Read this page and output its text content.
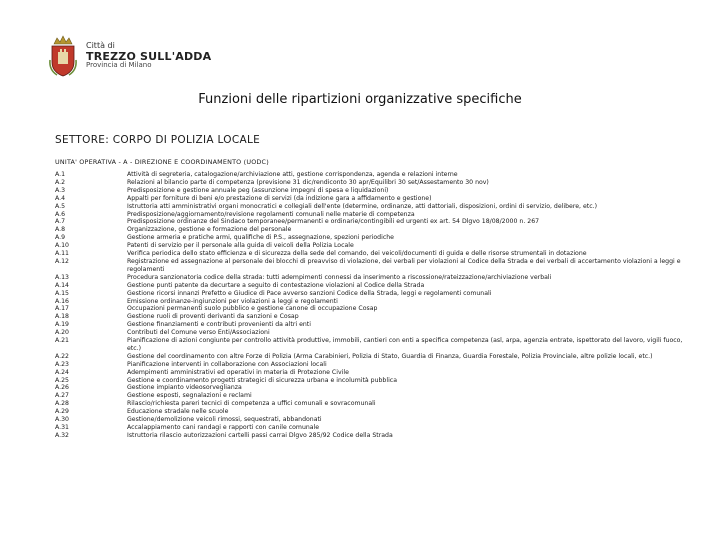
Città di
TREZZO SULL'ADDA
Provincia di Milano
Funzioni delle ripartizioni organizzative specifiche
SETTORE: CORPO DI POLIZIA LOCALE
UNITA' OPERATIVA - A - DIREZIONE E COORDINAMENTO (UODC)
A.1	Attività di segreteria, catalogazione/archiviazione atti, gestione corrispondenza, agenda e relazioni interne
A.2	Relazioni al bilancio parte di competenza (previsione 31 dic/rendiconto 30 apr/Equilibri 30 set/Assestamento 30 nov)
A.3	Predisposizione e gestione annuale peg (assunzione impegni di spesa e liquidazioni)
A.4	Appalti per forniture di beni e/o prestazione di servizi (da indizione gara a affidamento e gestione)
A.5	Istruttoria atti amministrativi organi monocratici e collegiali dell'ente (determine, ordinanze, atti dattoriali, disposizioni, ordini di servizio, delibere, etc.)
A.6	Predisposizione/aggiornamento/revisione regolamenti comunali nelle materie di competenza
A.7	Predisposizione ordinanze del Sindaco temporanee/permanenti e ordinarie/contingibili ed urgenti ex art. 54 Dlgvo 18/08/2000 n. 267
A.8	Organizzazione, gestione e formazione del personale
A.9	Gestione armeria e pratiche armi, qualifiche di P.S., assegnazione, spezioni periodiche
A.10	Patenti di servizio per il personale alla guida di veicoli della Polizia Locale
A.11	Verifica periodica dello stato efficienza e di sicurezza della sede del comando, dei veicoli/documenti di guida e delle risorse strumentali in dotazione
A.12	Registrazione ed assegnazione al personale dei blocchi di preavviso di violazione, dei verbali per violazioni al Codice della Strada e dei verbali di accertamento violazioni a leggi e regolamenti
A.13	Procedura sanzionatoria codice della strada: tutti adempimenti connessi da inserimento a riscossione/rateizzazione/archiviazione verbali
A.14	Gestione punti patente da decurtare a seguito di contestazione violazioni al Codice della Strada
A.15	Gestione ricorsi innanzi Prefetto e Giudice di Pace avverso sanzioni Codice della Strada, leggi e regolamenti comunali
A.16	Emissione ordinanze-ingiunzioni per violazioni a leggi e regolamenti
A.17	Occupazioni permanenti suolo pubblico e gestione canone di occupazione Cosap
A.18	Gestione ruoli di proventi derivanti da sanzioni e Cosap
A.19	Gestione finanziamenti e contributi provenienti da altri enti
A.20	Contributi del Comune verso Enti/Associazioni
A.21	Pianificazione di azioni congiunte per controllo attività produttive, immobili, cantieri con enti a specifica competenza (asl, arpa, agenzia entrate, ispettorato del lavoro, vigili fuoco, etc.)
A.22	Gestione del coordinamento con altre Forze di Polizia (Arma Carabinieri, Polizia di Stato, Guardia di Finanza, Guardia Forestale, Polizia Provinciale, altre polizie locali, etc.)
A.23	Pianificazione interventi in collaborazione con Associazioni locali
A.24	Adempimenti amministrativi ed operativi in materia di Protezione Civile
A.25	Gestione e coordinamento progetti strategici di sicurezza urbana e incolumità pubblica
A.26	Gestione impianto videosorveglianza
A.27	Gestione esposti, segnalazioni e reclami
A.28	Rilascio/richiesta pareri tecnici di competenza a uffici comunali e sovracomunali
A.29	Educazione stradale nelle scuole
A.30	Gestione/demolizione veicoli rimossi, sequestrati, abbandonati
A.31	Accalappiamento cani randagi e rapporti con canile comunale
A.32	Istruttoria rilascio autorizzazioni cartelli passi carrai Dlgvo 285/92 Codice della Strada
